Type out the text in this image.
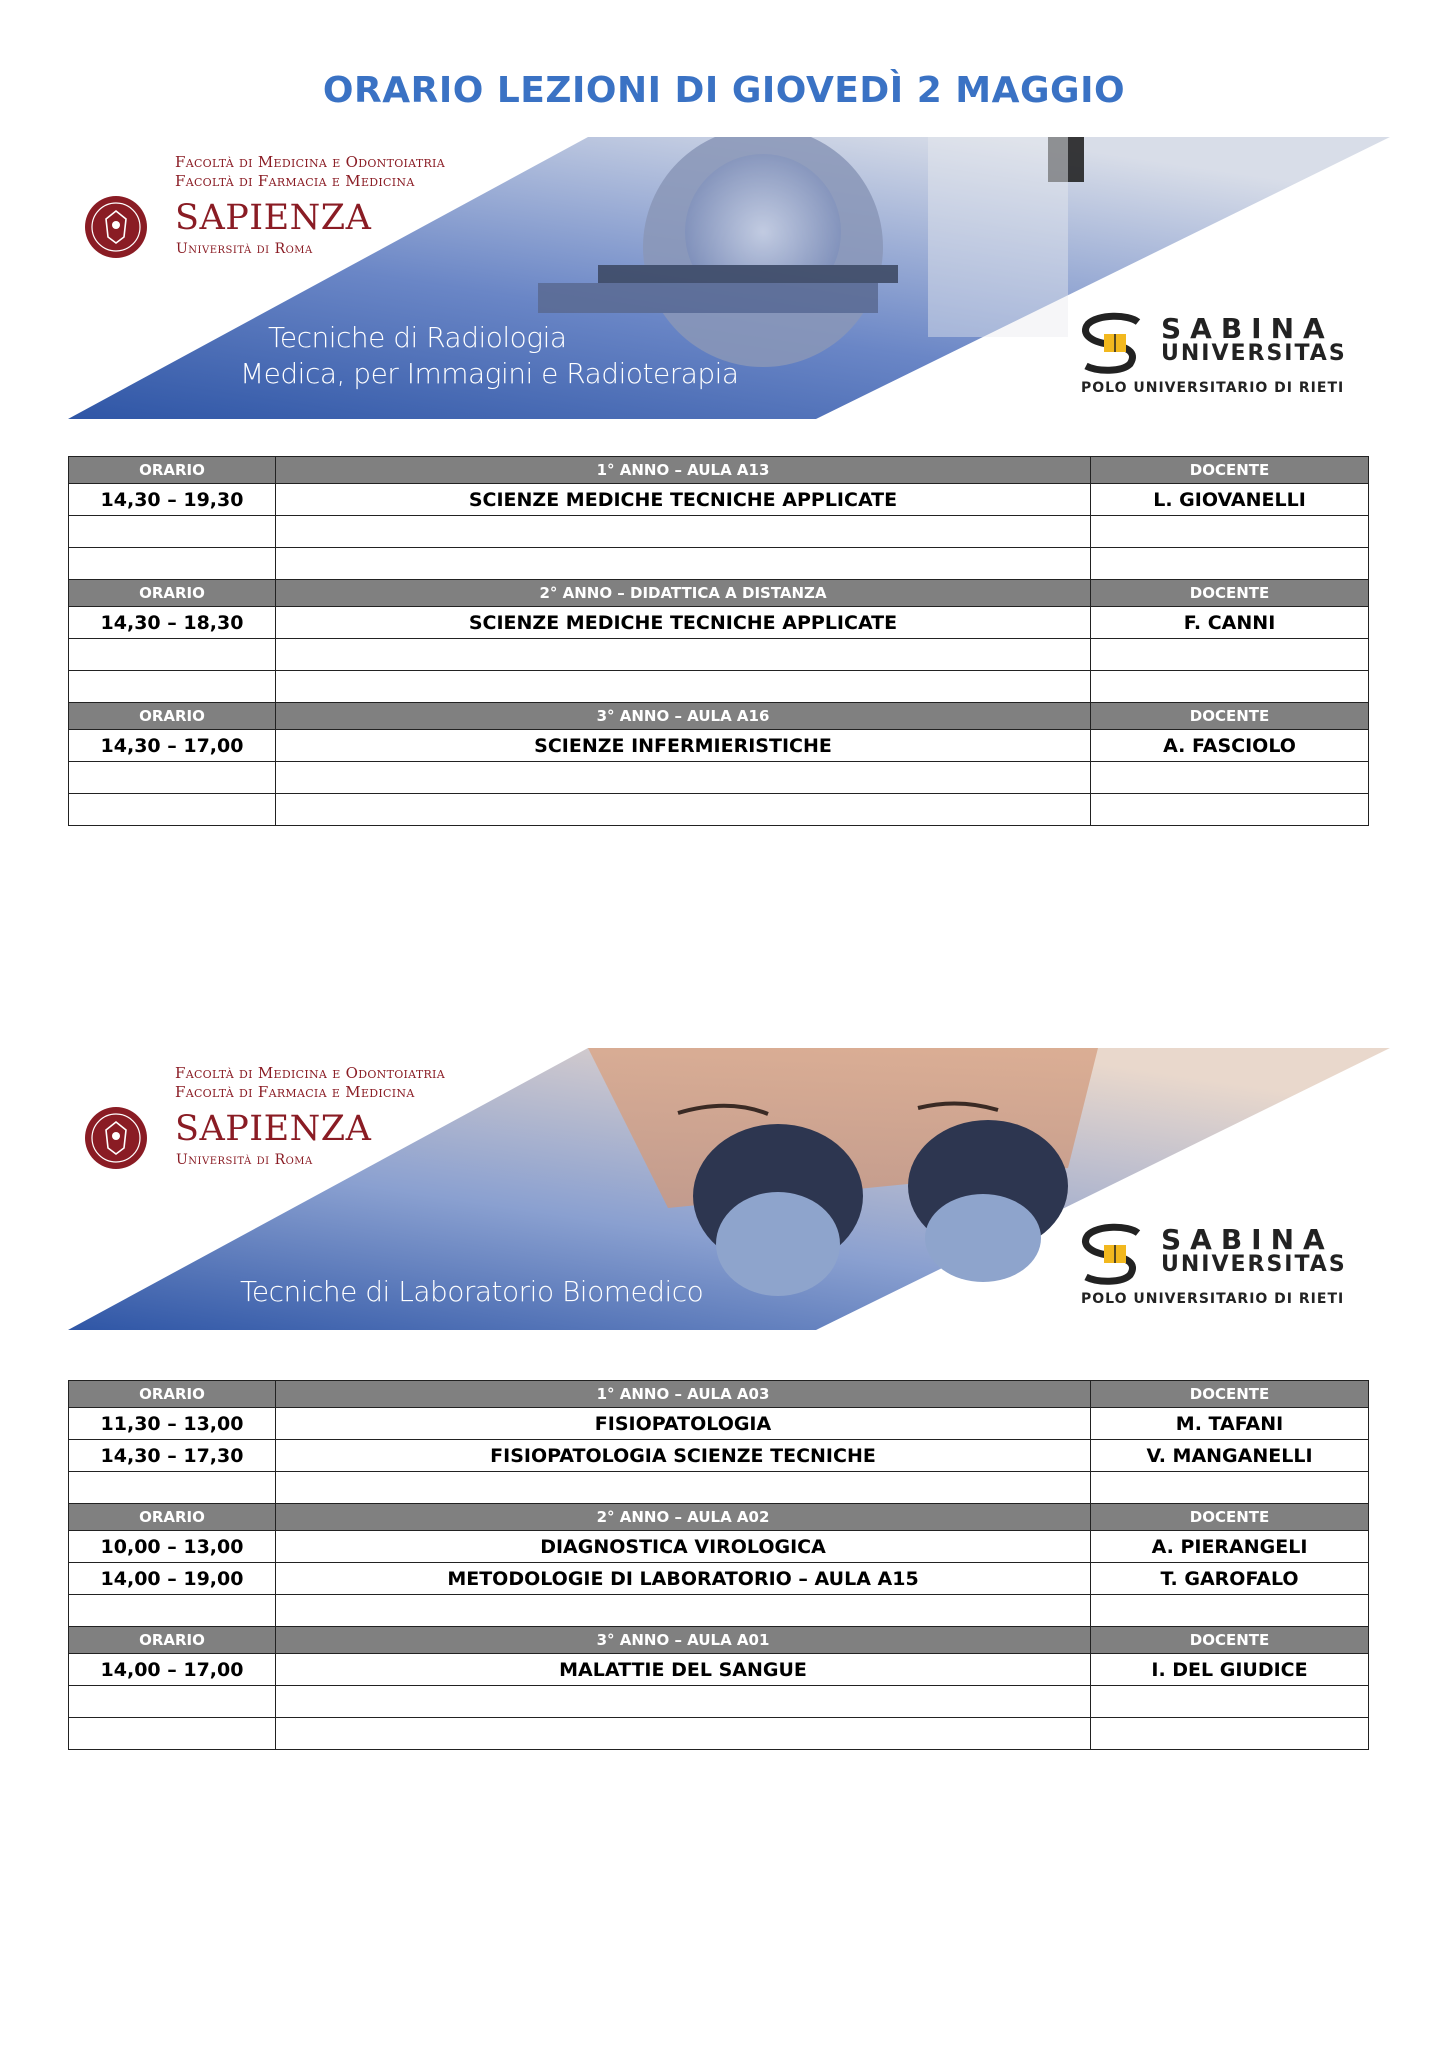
ORARIO LEZIONI DI GIOVEDÌ 2 MAGGIO
Facoltà di Medicina e Odontoiatria
Facoltà di Farmacia e Medicina
SAPIENZA
Università di Roma
Tecniche di Radiologia
Medica, per Immagini e Radioterapia
SABINA
UNIVERSITAS
POLO UNIVERSITARIO DI RIETI
ORARIO	1° ANNO – AULA A13	DOCENTE
14,30 – 19,30	SCIENZE MEDICHE TECNICHE APPLICATE	L. GIOVANELLI

ORARIO	2° ANNO – DIDATTICA A DISTANZA	DOCENTE
14,30 – 18,30	SCIENZE MEDICHE TECNICHE APPLICATE	F. CANNI

ORARIO	3° ANNO – AULA A16	DOCENTE
14,30 – 17,00	SCIENZE INFERMIERISTICHE	A. FASCIOLO

Facoltà di Medicina e Odontoiatria
Facoltà di Farmacia e Medicina
SAPIENZA
Università di Roma
Tecniche di Laboratorio Biomedico
SABINA
UNIVERSITAS
POLO UNIVERSITARIO DI RIETI
ORARIO	1° ANNO – AULA A03	DOCENTE
11,30 – 13,00	FISIOPATOLOGIA	M. TAFANI
14,30 – 17,30	FISIOPATOLOGIA SCIENZE TECNICHE	V. MANGANELLI

ORARIO	2° ANNO – AULA A02	DOCENTE
10,00 – 13,00	DIAGNOSTICA VIROLOGICA	A. PIERANGELI
14,00 – 19,00	METODOLOGIE DI LABORATORIO – AULA A15	T. GAROFALO

ORARIO	3° ANNO – AULA A01	DOCENTE
14,00 – 17,00	MALATTIE DEL SANGUE	I. DEL GIUDICE
